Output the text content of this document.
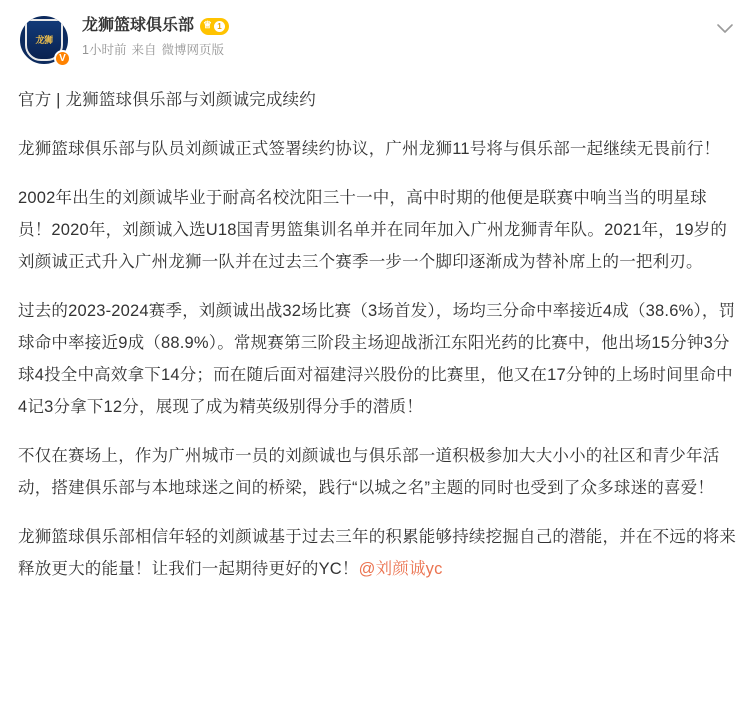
龙狮
V
龙狮篮球俱乐部 ♕ 1
1小时前 来自 微博网页版

官方 | 龙狮篮球俱乐部与刘颜诚完成续约

龙狮篮球俱乐部与队员刘颜诚正式签署续约协议，广州龙狮11号将与俱乐部一起继续无畏前行！

2002年出生的刘颜诚毕业于耐高名校沈阳三十一中，高中时期的他便是联赛中响当当的明星球员！2020年，刘颜诚入选U18国青男篮集训名单并在同年加入广州龙狮青年队。2021年，19岁的刘颜诚正式升入广州龙狮一队并在过去三个赛季一步一个脚印逐渐成为替补席上的一把利刃。

过去的2023-2024赛季，刘颜诚出战32场比赛（3场首发），场均三分命中率接近4成（38.6%），罚球命中率接近9成（88.9%）。常规赛第三阶段主场迎战浙江东阳光药的比赛中，他出场15分钟3分球4投全中高效拿下14分；而在随后面对福建浔兴股份的比赛里，他又在17分钟的上场时间里命中4记3分拿下12分，展现了成为精英级别得分手的潜质！

不仅在赛场上，作为广州城市一员的刘颜诚也与俱乐部一道积极参加大大小小的社区和青少年活动，搭建俱乐部与本地球迷之间的桥梁，践行“以城之名”主题的同时也受到了众多球迷的喜爱！

龙狮篮球俱乐部相信年轻的刘颜诚基于过去三年的积累能够持续挖掘自己的潜能，并在不远的将来释放更大的能量！让我们一起期待更好的YC！@刘颜诚yc
